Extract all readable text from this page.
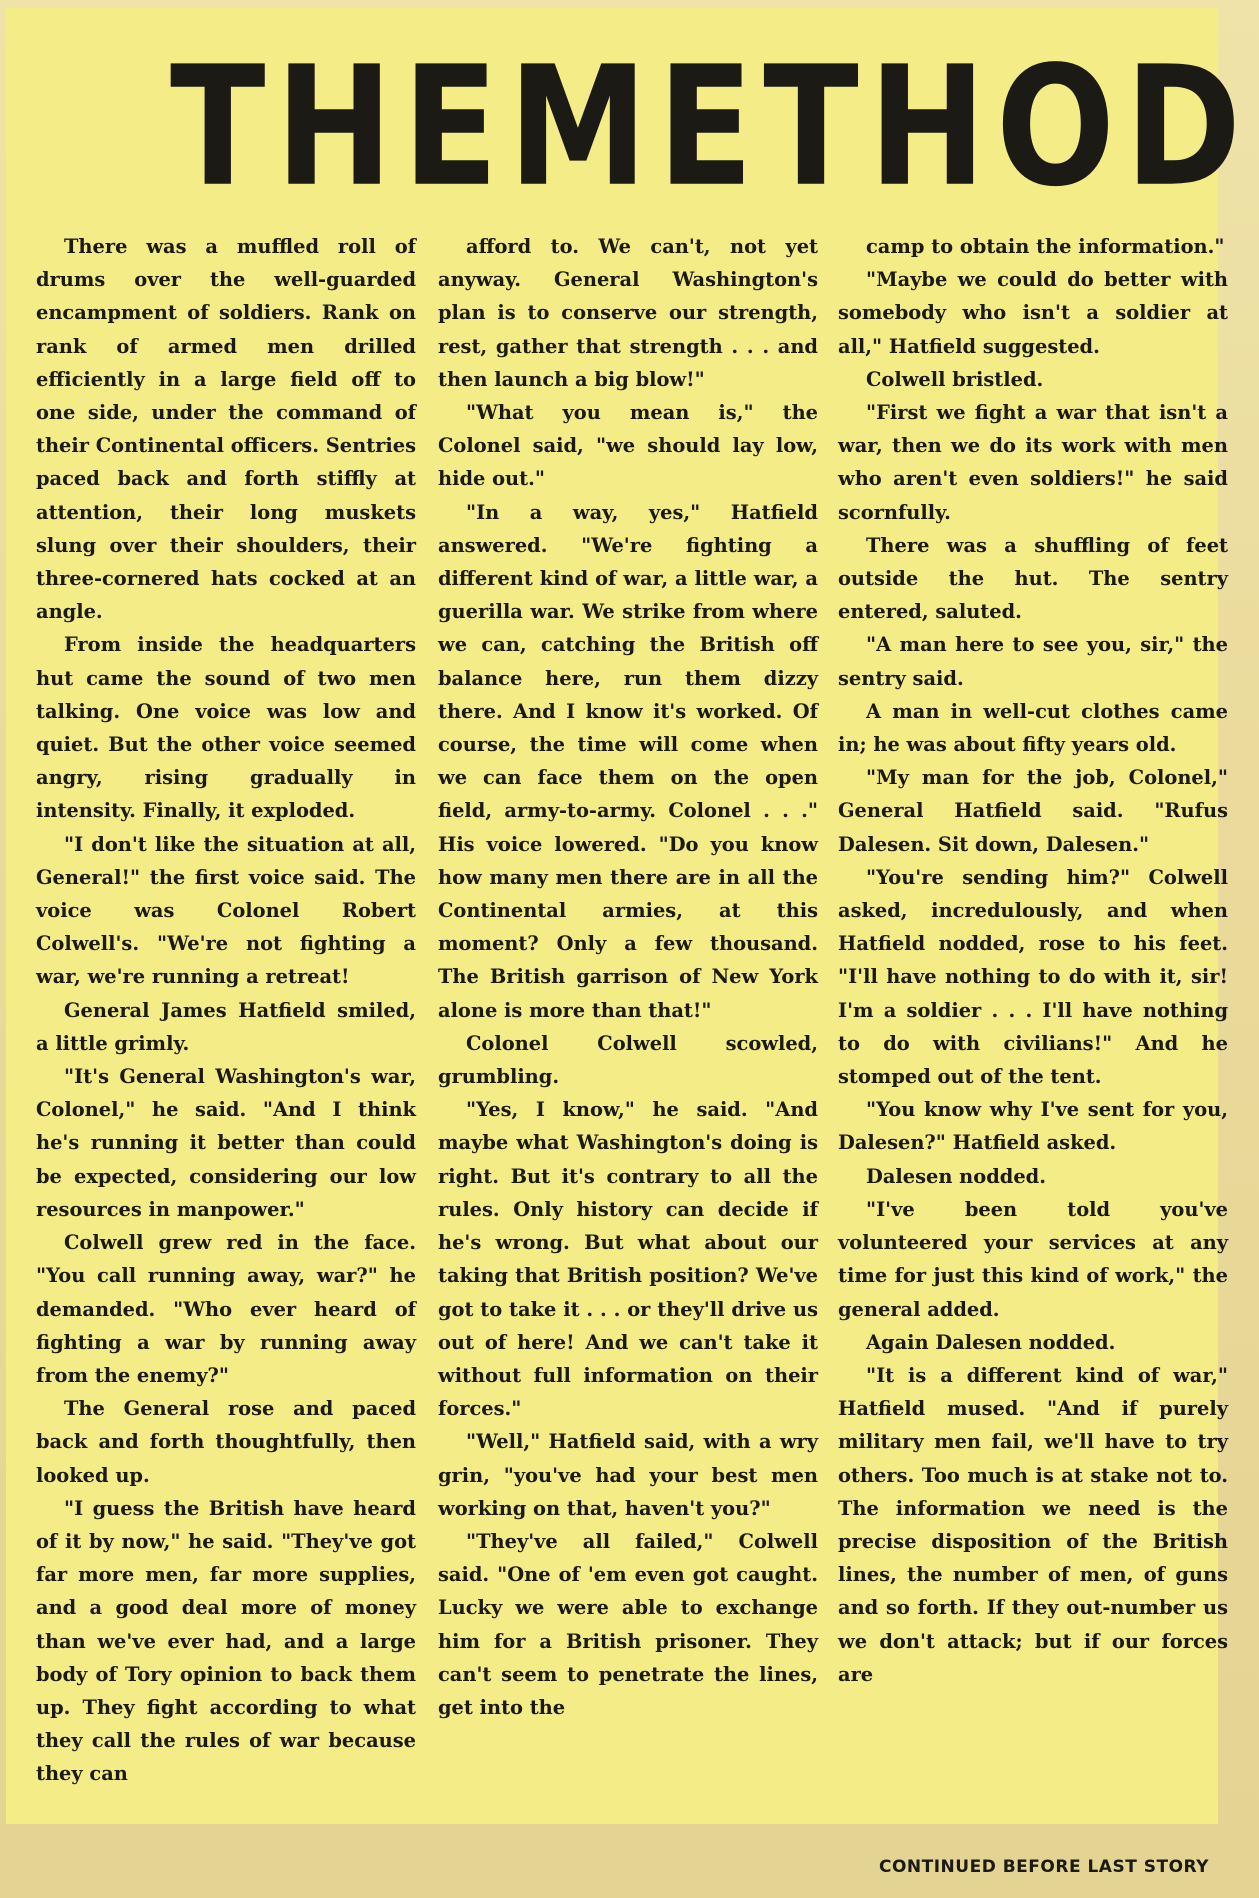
THE METHOD

There was a muffled roll of drums over the well-guarded encampment of soldiers. Rank on rank of armed men drilled efficiently in a large field off to one side, under the command of their Continental officers. Sentries paced back and forth stiffly at attention, their long muskets slung over their shoulders, their three-cornered hats cocked at an angle.

From inside the headquarters hut came the sound of two men talking. One voice was low and quiet. But the other voice seemed angry, rising gradually in intensity. Finally, it exploded.

"I don't like the situation at all, General!" the first voice said. The voice was Colonel Robert Colwell's. "We're not fighting a war, we're running a retreat!

General James Hatfield smiled, a little grimly.

"It's General Washington's war, Colonel," he said. "And I think he's running it better than could be expected, considering our low resources in manpower."

Colwell grew red in the face. "You call running away, war?" he demanded. "Who ever heard of fighting a war by running away from the enemy?"

The General rose and paced back and forth thoughtfully, then looked up.

"I guess the British have heard of it by now," he said. "They've got far more men, far more supplies, and a good deal more of money than we've ever had, and a large body of Tory opinion to back them up. They fight according to what they call the rules of war because they can

afford to. We can't, not yet anyway. General Washington's plan is to conserve our strength, rest, gather that strength . . . and then launch a big blow!"

"What you mean is," the Colonel said, "we should lay low, hide out."

"In a way, yes," Hatfield answered. "We're fighting a different kind of war, a little war, a guerilla war. We strike from where we can, catching the British off balance here, run them dizzy there. And I know it's worked. Of course, the time will come when we can face them on the open field, army-to-army. Colonel . . ." His voice lowered. "Do you know how many men there are in all the Continental armies, at this moment? Only a few thousand. The British garrison of New York alone is more than that!"

Colonel Colwell scowled, grumbling.

"Yes, I know," he said. "And maybe what Washington's doing is right. But it's contrary to all the rules. Only history can decide if he's wrong. But what about our taking that British position? We've got to take it . . . or they'll drive us out of here! And we can't take it without full information on their forces."

"Well," Hatfield said, with a wry grin, "you've had your best men working on that, haven't you?"

"They've all failed," Colwell said. "One of 'em even got caught. Lucky we were able to exchange him for a British prisoner. They can't seem to penetrate the lines, get into the

camp to obtain the information."

"Maybe we could do better with somebody who isn't a soldier at all," Hatfield suggested.

Colwell bristled.

"First we fight a war that isn't a war, then we do its work with men who aren't even soldiers!" he said scornfully.

There was a shuffling of feet outside the hut. The sentry entered, saluted.

"A man here to see you, sir," the sentry said.

A man in well-cut clothes came in; he was about fifty years old.

"My man for the job, Colonel," General Hatfield said. "Rufus Dalesen. Sit down, Dalesen."

"You're sending him?" Colwell asked, incredulously, and when Hatfield nodded, rose to his feet. "I'll have nothing to do with it, sir! I'm a soldier . . . I'll have nothing to do with civilians!" And he stomped out of the tent.

"You know why I've sent for you, Dalesen?" Hatfield asked.

Dalesen nodded.

"I've been told you've volunteered your services at any time for just this kind of work," the general added.

Again Dalesen nodded.

"It is a different kind of war," Hatfield mused. "And if purely military men fail, we'll have to try others. Too much is at stake not to. The information we need is the precise disposition of the British lines, the number of men, of guns and so forth. If they out-number us we don't attack; but if our forces are

CONTINUED BEFORE LAST STORY
